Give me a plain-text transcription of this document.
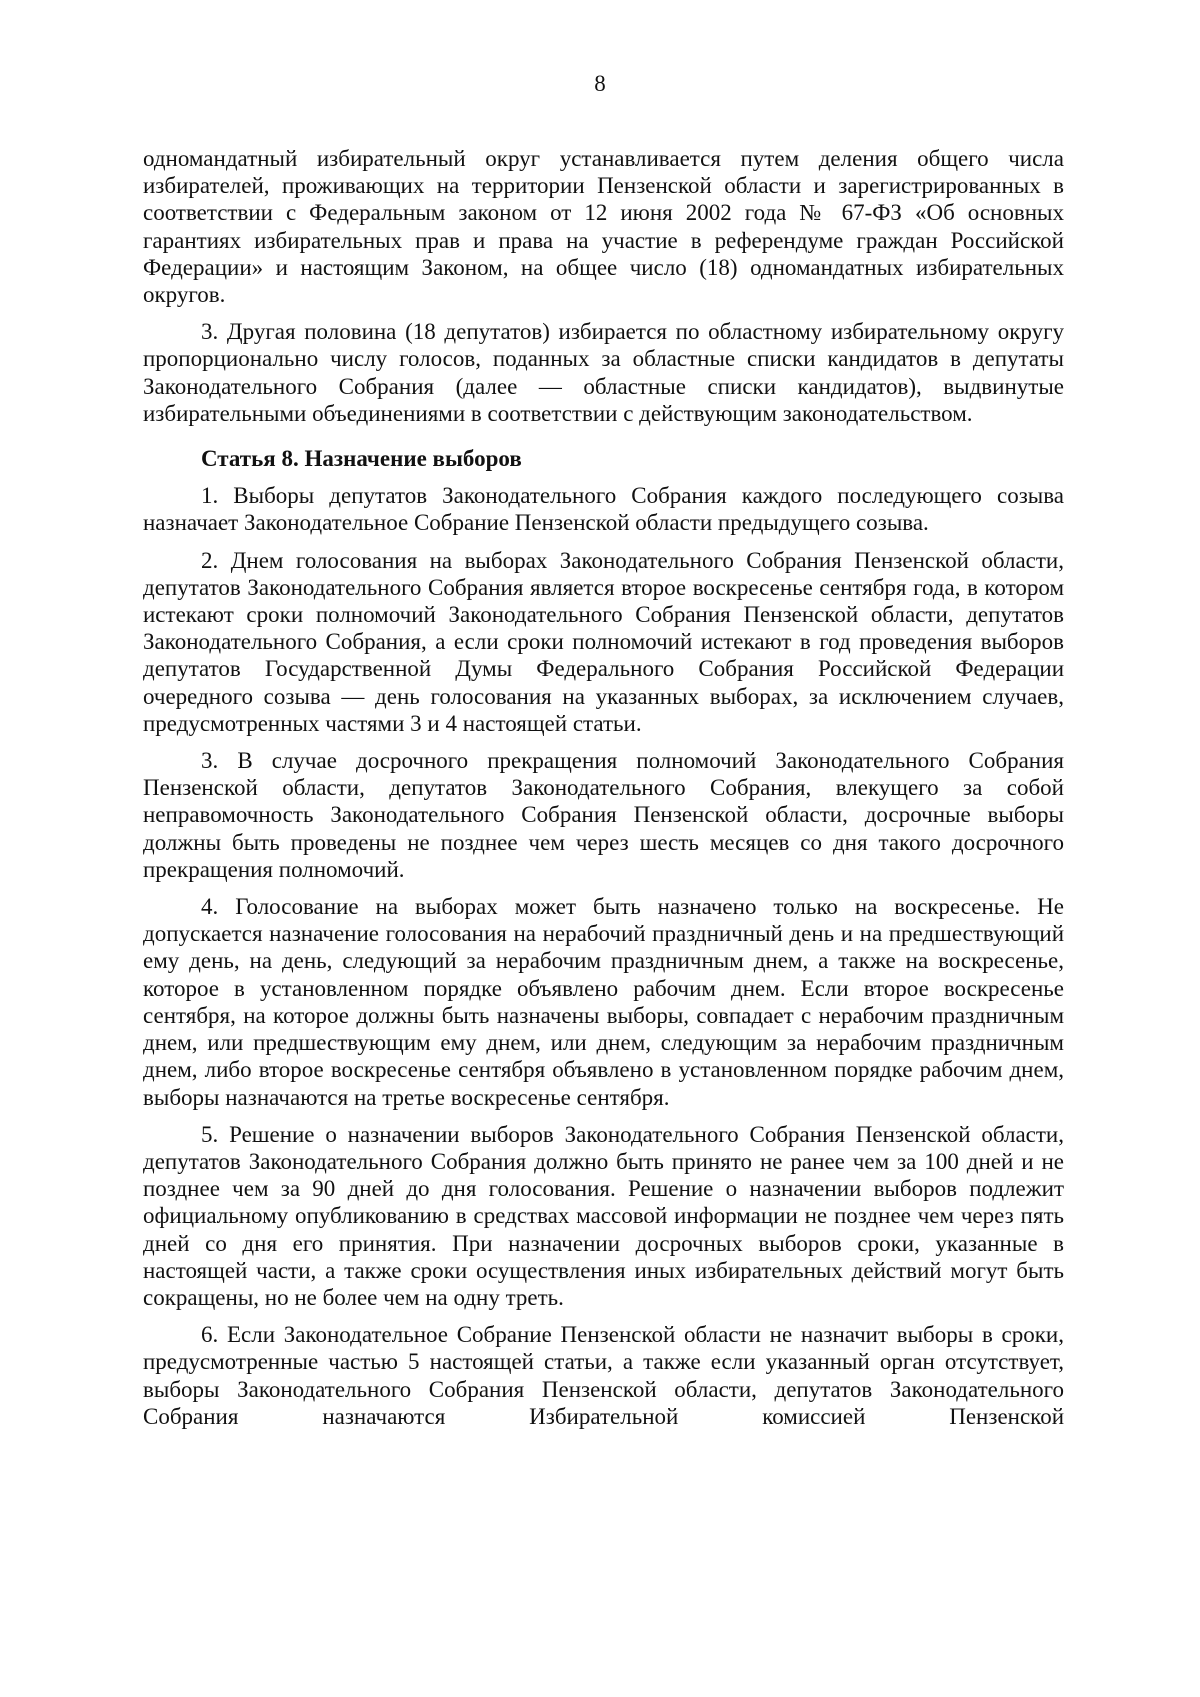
8

одномандатный избирательный округ устанавливается путем деления общего числа избирателей, проживающих на территории Пензенской области и зарегистрированных в соответствии с Федеральным законом от 12 июня 2002 года № 67-ФЗ «Об основных гарантиях избирательных прав и права на участие в референдуме граждан Российской Федерации» и настоящим Законом, на общее число (18) одномандатных избирательных округов.

3. Другая половина (18 депутатов) избирается по областному избирательному округу пропорционально числу голосов, поданных за областные списки кандидатов в депутаты Законодательного Собрания (далее — областные списки кандидатов), выдвинутые избирательными объединениями в соответствии с действующим законодательством.

Статья 8. Назначение выборов

1. Выборы депутатов Законодательного Собрания каждого последующего созыва назначает Законодательное Собрание Пензенской области предыдущего созыва.

2. Днем голосования на выборах Законодательного Собрания Пензенской области, депутатов Законодательного Собрания является второе воскресенье сентября года, в котором истекают сроки полномочий Законодательного Собрания Пензенской области, депутатов Законодательного Собрания, а если сроки полномочий истекают в год проведения выборов депутатов Государственной Думы Федерального Собрания Российской Федерации очередного созыва — день голосования на указанных выборах, за исключением случаев, предусмотренных частями 3 и 4 настоящей статьи.

3. В случае досрочного прекращения полномочий Законодательного Собрания Пензенской области, депутатов Законодательного Собрания, влекущего за собой неправомочность Законодательного Собрания Пензенской области, досрочные выборы должны быть проведены не позднее чем через шесть месяцев со дня такого досрочного прекращения полномочий.

4. Голосование на выборах может быть назначено только на воскресенье. Не допускается назначение голосования на нерабочий праздничный день и на предшествующий ему день, на день, следующий за нерабочим праздничным днем, а также на воскресенье, которое в установленном порядке объявлено рабочим днем. Если второе воскресенье сентября, на которое должны быть назначены выборы, совпадает с нерабочим праздничным днем, или предшествующим ему днем, или днем, следующим за нерабочим праздничным днем, либо второе воскресенье сентября объявлено в установленном порядке рабочим днем, выборы назначаются на третье воскресенье сентября.

5. Решение о назначении выборов Законодательного Собрания Пензенской области, депутатов Законодательного Собрания должно быть принято не ранее чем за 100 дней и не позднее чем за 90 дней до дня голосования. Решение о назначении выборов подлежит официальному опубликованию в средствах массовой информации не позднее чем через пять дней со дня его принятия. При назначении досрочных выборов сроки, указанные в настоящей части, а также сроки осуществления иных избирательных действий могут быть сокращены, но не более чем на одну треть.

6. Если Законодательное Собрание Пензенской области не назначит выборы в сроки, предусмотренные частью 5 настоящей статьи, а также если указанный орган отсутствует, выборы Законодательного Собрания Пензенской области, депутатов Законодательного Собрания назначаются Избирательной комиссией Пензенской
